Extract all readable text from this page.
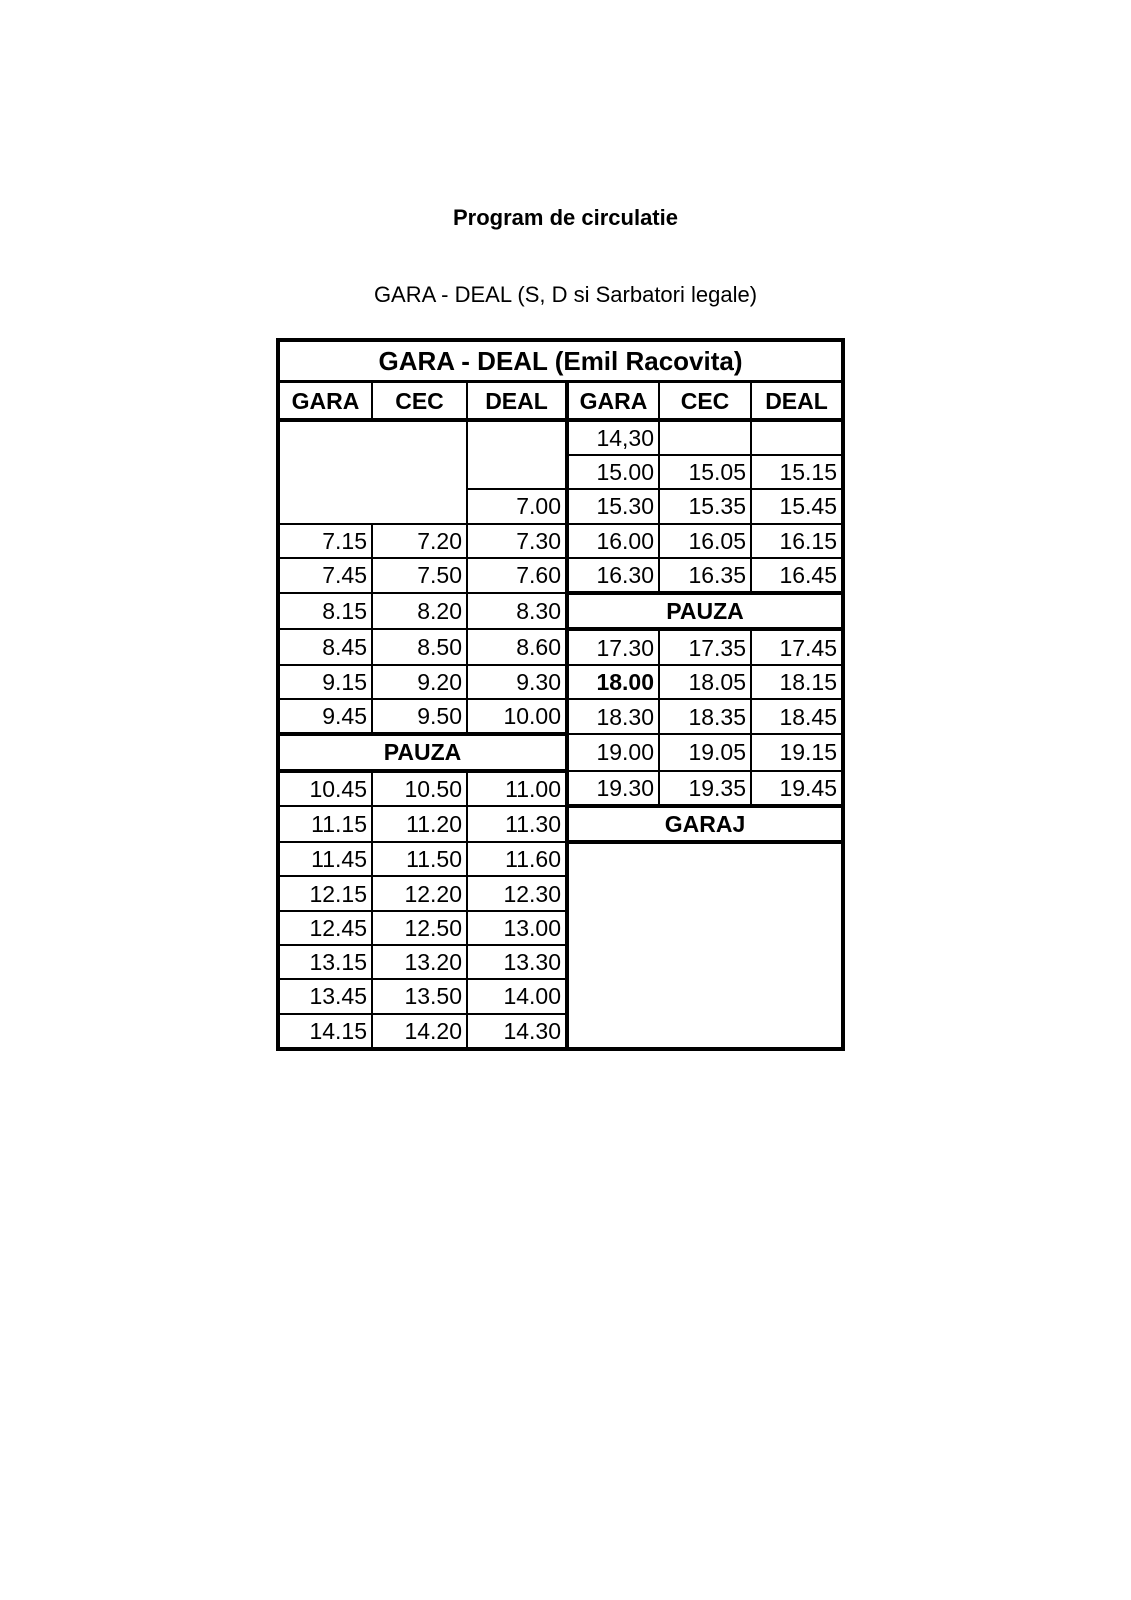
Program de circulatie
GARA - DEAL (S, D si Sarbatori legale)
GARA - DEAL (Emil Racovita)					
GARA	CEC	DEAL	GARA	CEC	DEAL
			14,30		
			15.00	15.05	15.15
		7.00	15.30	15.35	15.45
7.15	7.20	7.30	16.00	16.05	16.15
7.45	7.50	7.60	16.30	16.35	16.45
8.15	8.20	8.30	PAUZA		
8.45	8.50	8.60	17.30	17.35	17.45
9.15	9.20	9.30	18.00	18.05	18.15
9.45	9.50	10.00	18.30	18.35	18.45
PAUZA			19.00	19.05	19.15
10.45	10.50	11.00	19.30	19.35	19.45
11.15	11.20	11.30	GARAJ		
11.45	11.50	11.60			
12.15	12.20	12.30			
12.45	12.50	13.00			
13.15	13.20	13.30			
13.45	13.50	14.00			
14.15	14.20	14.30			
